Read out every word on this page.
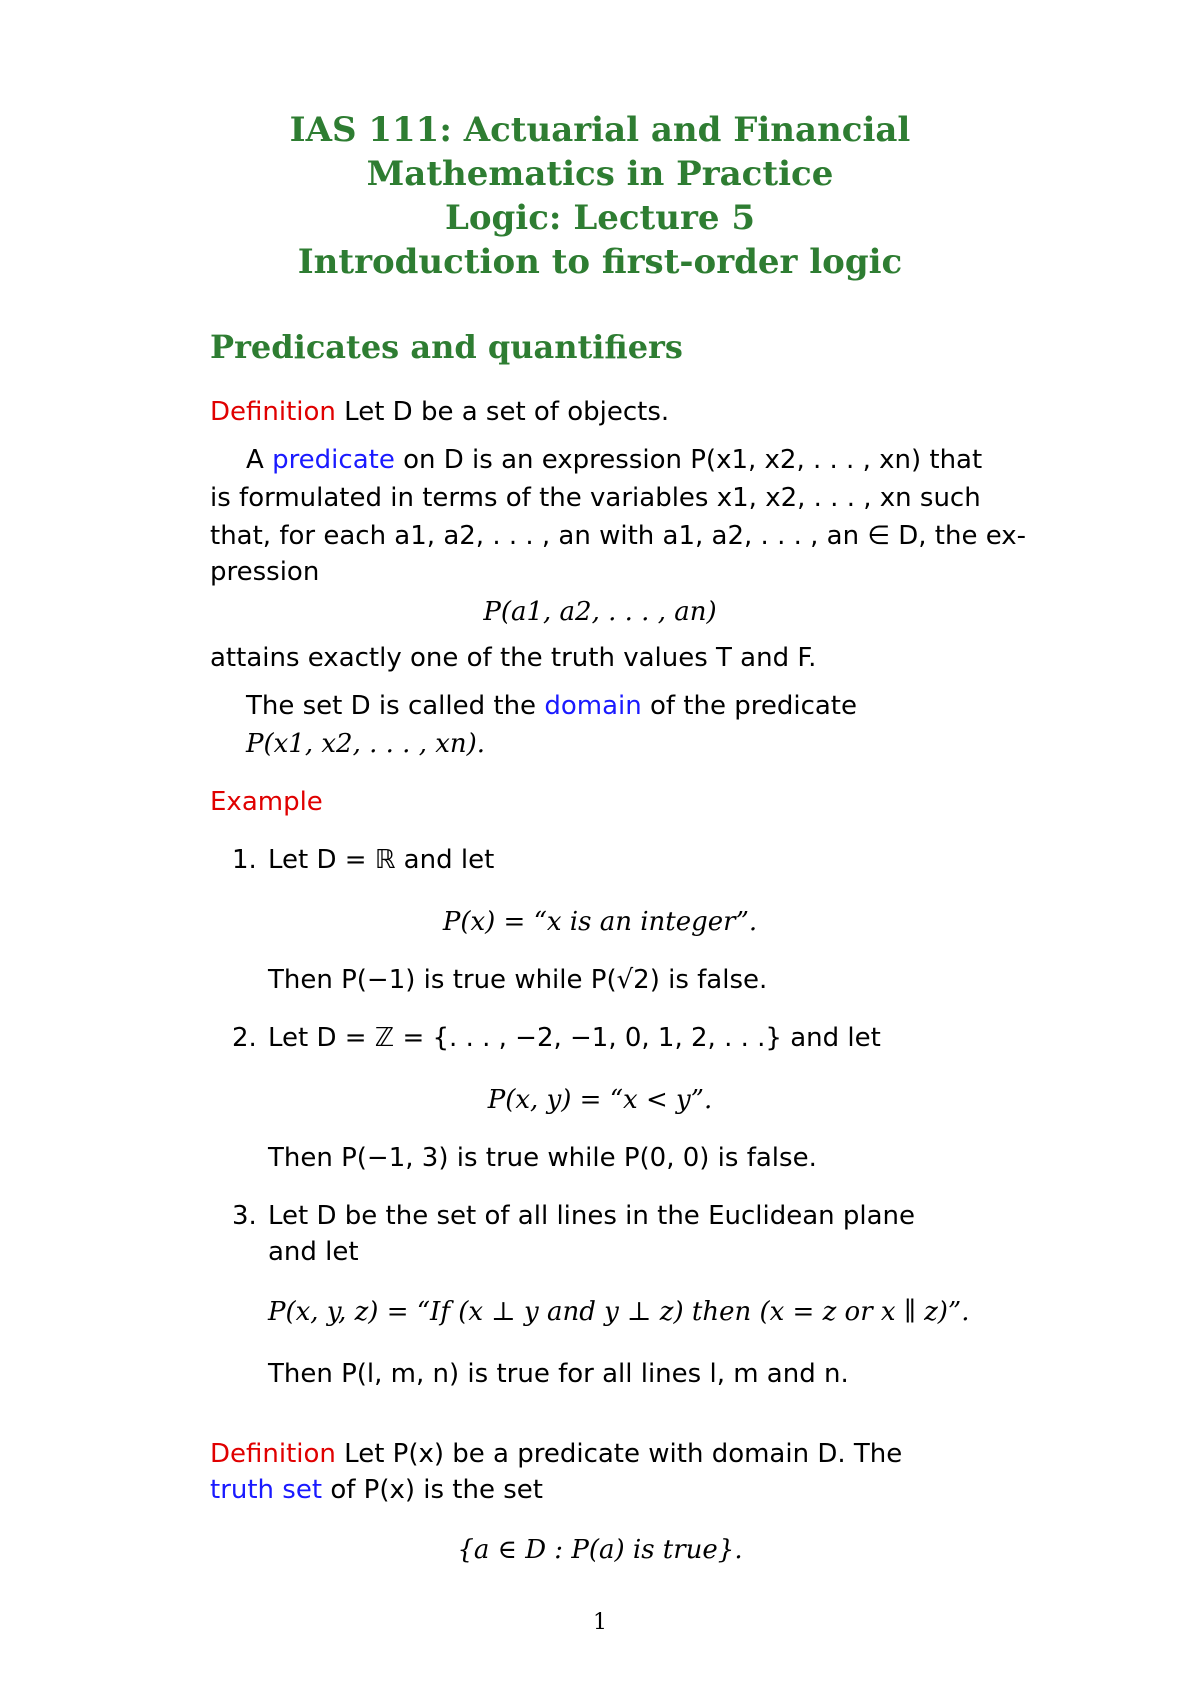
IAS 111: Actuarial and Financial
Mathematics in Practice
Logic: Lecture 5
Introduction to first-order logic
Predicates and quantifiers
Definition Let D be a set of objects.
A predicate on D is an expression P(x1, x2, . . . , xn) that
is formulated in terms of the variables x1, x2, . . . , xn such
that, for each a1, a2, . . . , an with a1, a2, . . . , an ∈ D, the ex-
pression
P(a1, a2, . . . , an)
attains exactly one of the truth values T and F.
The set D is called the domain of the predicate
P(x1, x2, . . . , xn).
Example
1. Let D = ℝ and let
P(x) = “x is an integer”.
Then P(−1) is true while P(√2) is false.
2. Let D = ℤ = {. . . , −2, −1, 0, 1, 2, . . .} and let
P(x, y) = “x < y”.
Then P(−1, 3) is true while P(0, 0) is false.
3. Let D be the set of all lines in the Euclidean plane
and let
P(x, y, z) = “If (x ⊥ y and y ⊥ z) then (x = z or x ∥ z)”.
Then P(l, m, n) is true for all lines l, m and n.
Definition Let P(x) be a predicate with domain D. The
truth set of P(x) is the set
{a ∈ D : P(a) is true}.
1
